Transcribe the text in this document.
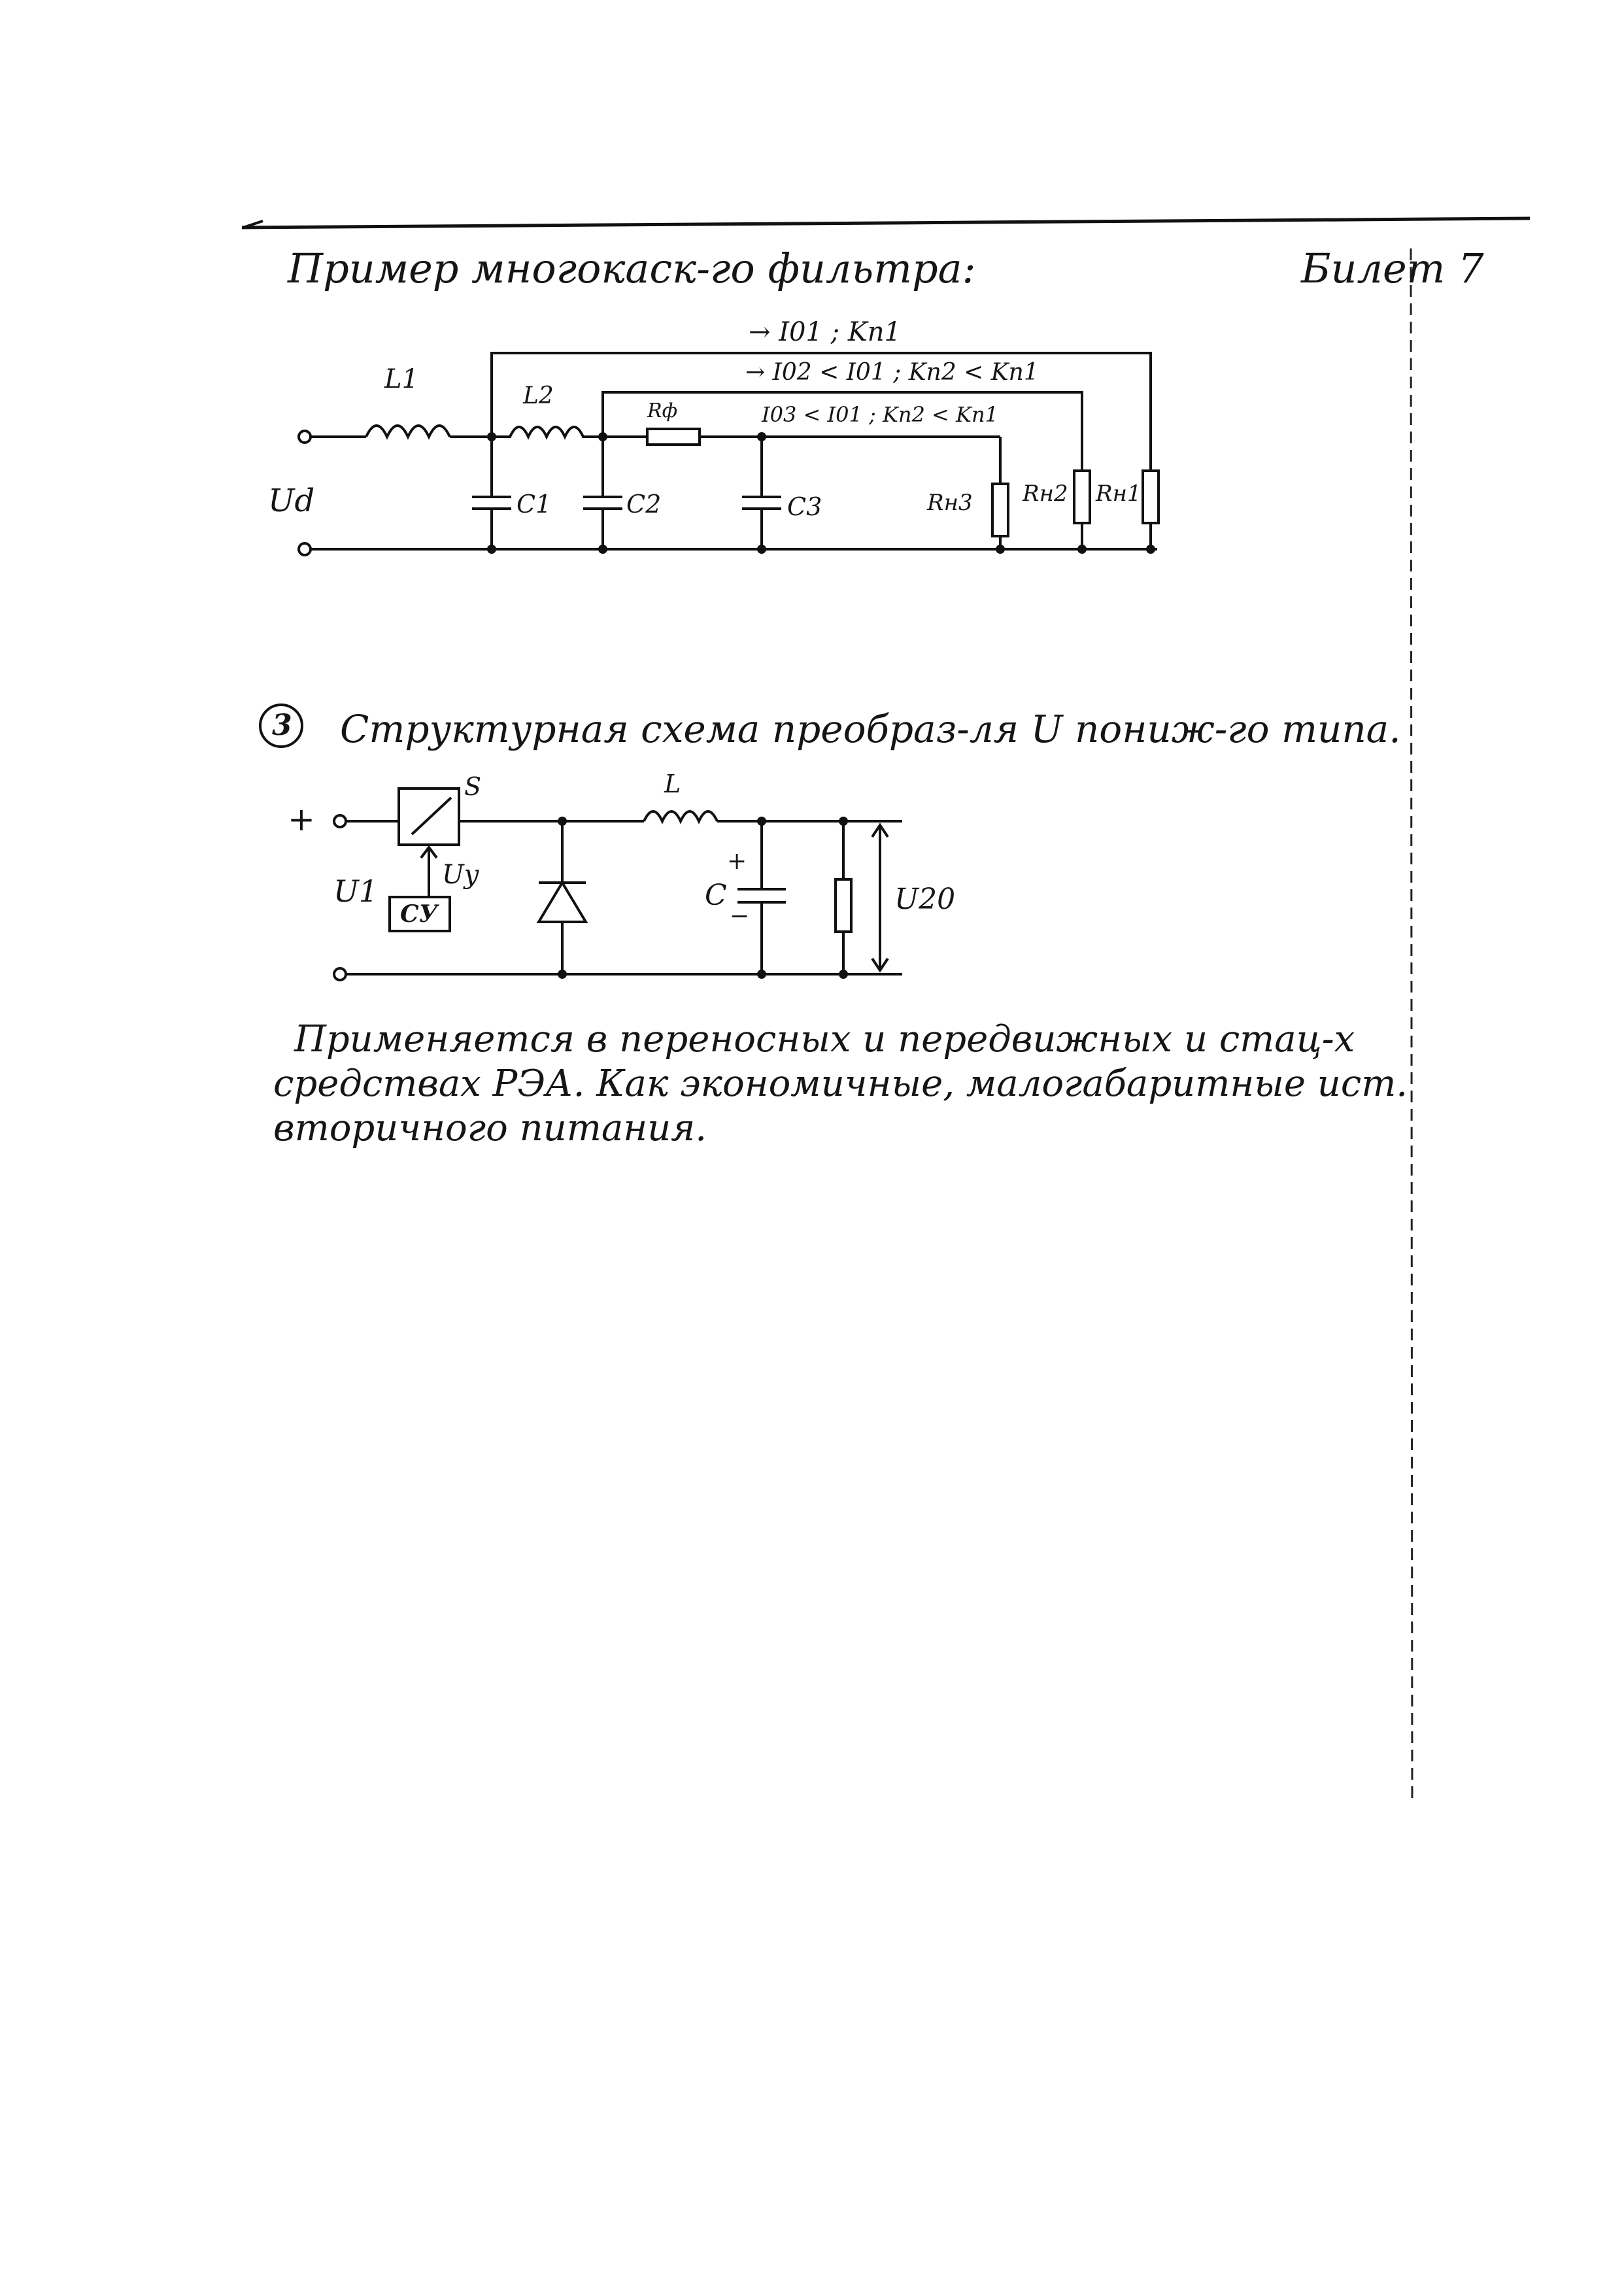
Пример многокаск-го фильтра:	Билет 7
L1
L2
Rф
Ud	C1	C2	C3	Rн3 Rн2 Rн1
→ I01 ; Kп1
→ I02 < I01 ; Kп2 < Kп1
I03 < I01 ; Kп2 < Kп1
3 Структурная схема преобраз-ля U пониж-го типа.
+
U1
S
Uy
СУ
L
C
+
−
U20
Применяется в переносных и передвижных и стац-х
средствах РЭА. Как экономичные, малогабаритные ист.
вторичного питания.
